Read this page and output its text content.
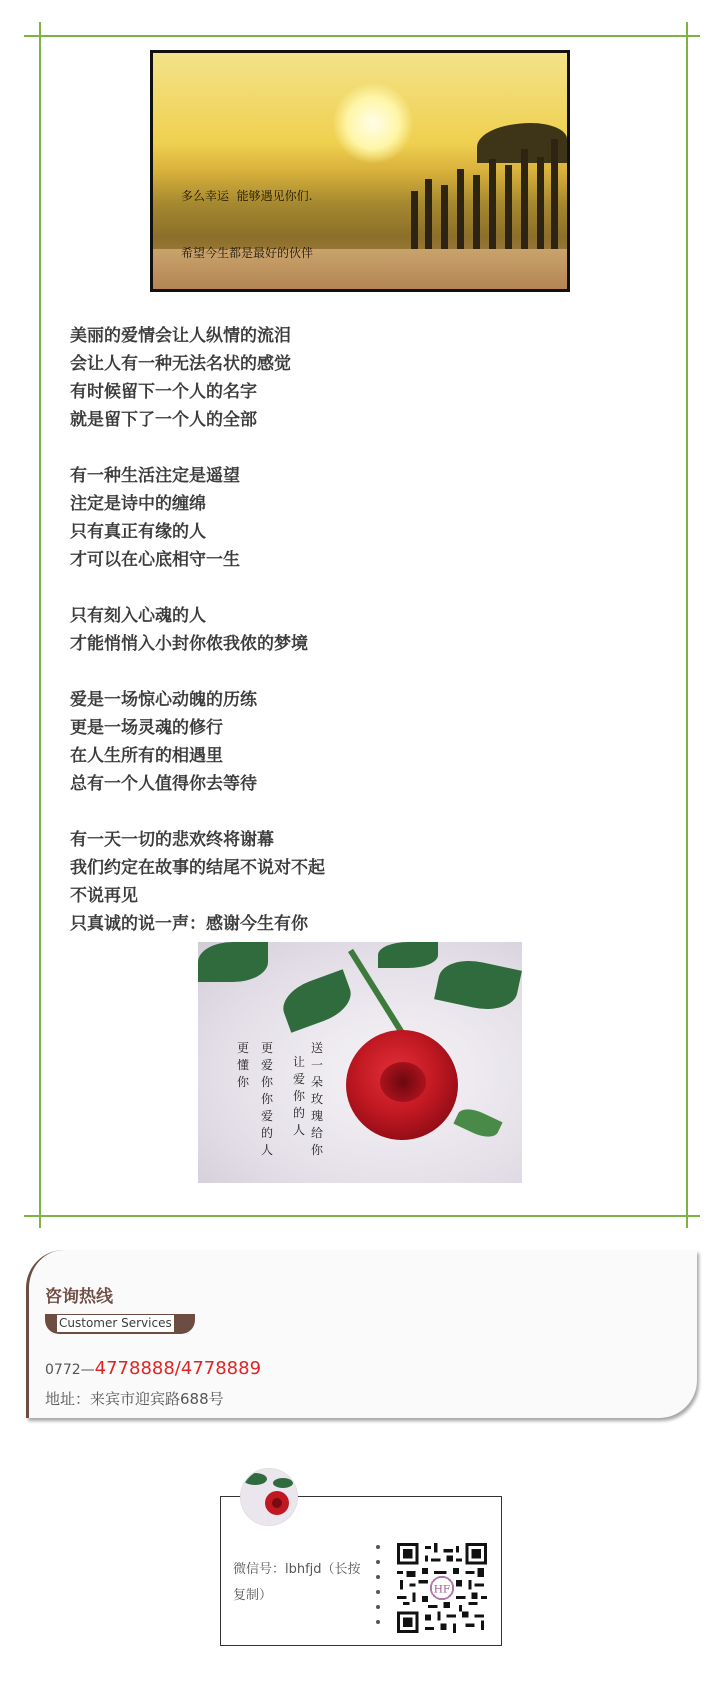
多么幸运  能够遇见你们.

希望今生都是最好的伙伴

美丽的爱情会让人纵情的流泪
会让人有一种无法名状的感觉
有时候留下一个人的名字
就是留下了一个人的全部
有一种生活注定是遥望
注定是诗中的缠绵
只有真正有缘的人
才可以在心底相守一生
只有刻入心魂的人
才能悄悄入小封你侬我侬的梦境
爱是一场惊心动魄的历练
更是一场灵魂的修行
在人生所有的相遇里
总有一个人值得你去等待
有一天一切的悲欢终将谢幕
我们约定在故事的结尾不说对不起
不说再见
只真诚的说一声：感谢今生有你
送一朵玫瑰给你
让爱你的人
更爱你 你爱的人
更懂你
咨询热线
Customer Services
0772—4778888/4778889
地址：来宾市迎宾路688号
微信号：lbhfjd（长按
复制）	HF
